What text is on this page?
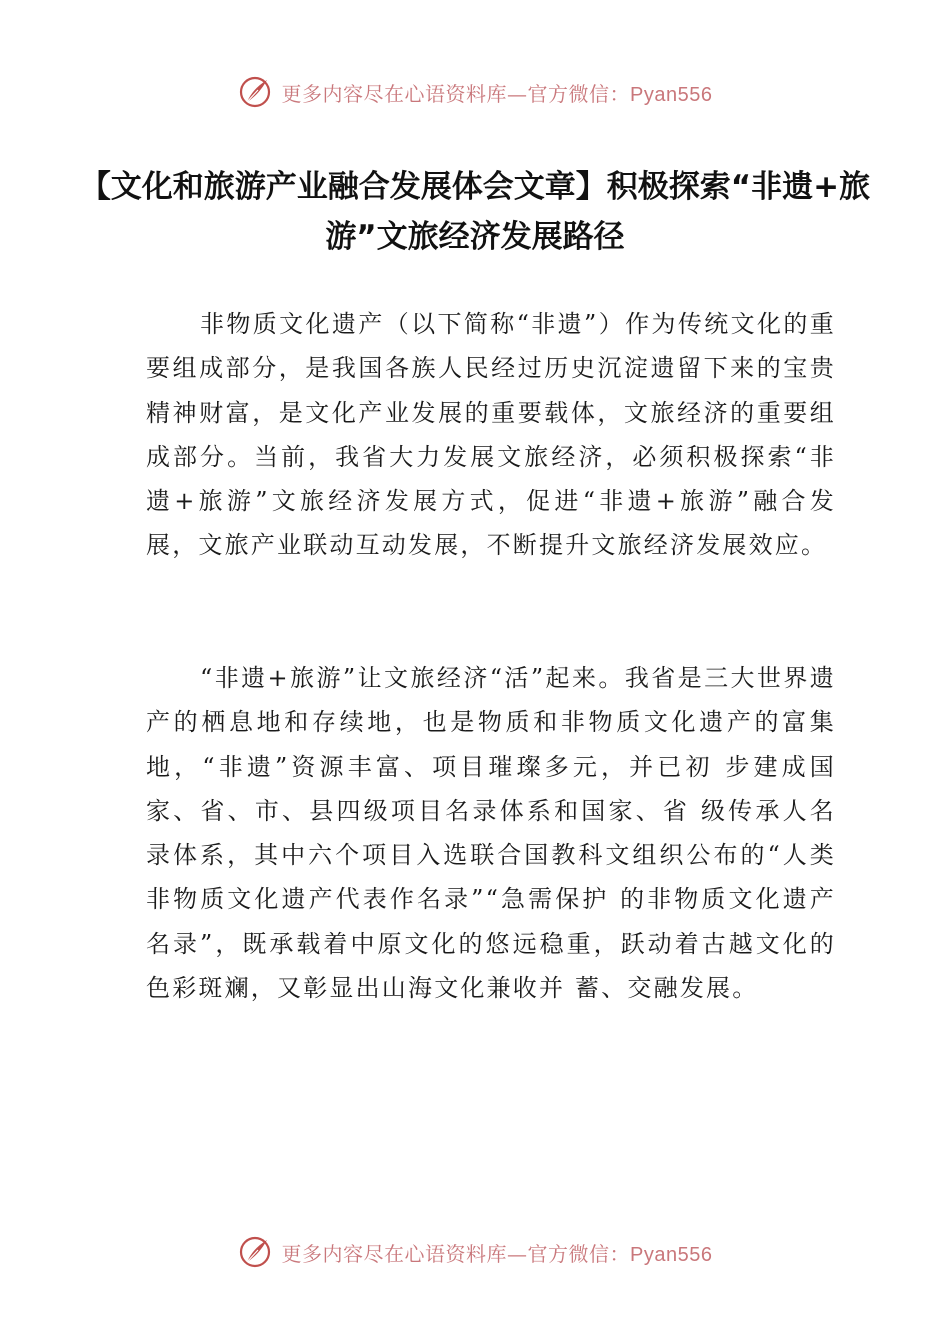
更多内容尽在心语资料库—官方微信：Pyan556
【文化和旅游产业融合发展体会文章】积极探索“非遗+旅游”文旅经济发展路径

非物质文化遗产（以下简称“非遗”）作为传统文化的重要组成部分，是我国各族人民经过历史沉淀遗留下来的宝贵精神财富，是文化产业发展的重要载体，文旅经济的重要组成部分。当前，我省大力发展文旅经济，必须积极探索“非遗+旅游”文旅经济发展方式，促进“非遗+旅游”融合发展，文旅产业联动互动发展，不断提升文旅经济发展效应。

“非遗+旅游”让文旅经济“活”起来。我省是三大世界遗产的栖息地和存续地，也是物质和非物质文化遗产的富集地，“非遗”资源丰富、项目璀璨多元，并已初 步建成国家、省、市、县四级项目名录体系和国家、省 级传承人名录体系，其中六个项目入选联合国教科文组织公布的“人类非物质文化遗产代表作名录”“急需保护 的非物质文化遗产名录”，既承载着中原文化的悠远稳重，跃动着古越文化的色彩斑斓，又彰显出山海文化兼收并 蓄、交融发展。

更多内容尽在心语资料库—官方微信：Pyan556
